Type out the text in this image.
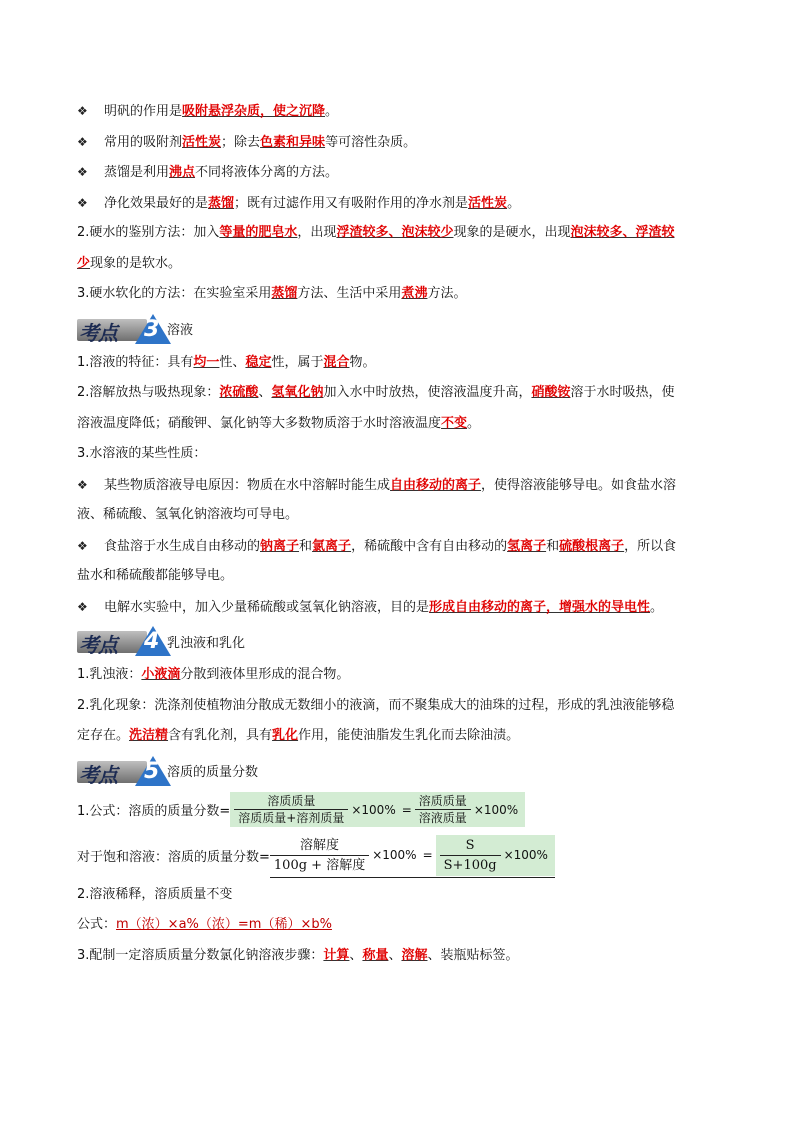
❖ 明矾的作用是吸附悬浮杂质，使之沉降。
❖ 常用的吸附剂活性炭；除去色素和异味等可溶性杂质。
❖ 蒸馏是利用沸点不同将液体分离的方法。
❖ 净化效果最好的是蒸馏；既有过滤作用又有吸附作用的净水剂是活性炭。
2.硬水的鉴别方法：加入等量的肥皂水，出现浮渣较多、泡沫较少现象的是硬水，出现泡沫较多、浮渣较
少现象的是软水。
3.硬水软化的方法：在实验室采用蒸馏方法、生活中采用煮沸方法。
考点 3 溶液
1.溶液的特征：具有均一性、稳定性，属于混合物。
2.溶解放热与吸热现象：浓硫酸、氢氧化钠加入水中时放热，使溶液温度升高，硝酸铵溶于水时吸热，使
溶液温度降低；硝酸钾、氯化钠等大多数物质溶于水时溶液温度不变。
3.水溶液的某些性质：
❖ 某些物质溶液导电原因：物质在水中溶解时能生成自由移动的离子，使得溶液能够导电。如食盐水溶
液、稀硫酸、氢氧化钠溶液均可导电。
❖ 食盐溶于水生成自由移动的钠离子和氯离子，稀硫酸中含有自由移动的氢离子和硫酸根离子，所以食
盐水和稀硫酸都能够导电。
❖ 电解水实验中，加入少量稀硫酸或氢氧化钠溶液，目的是形成自由移动的离子，增强水的导电性。
考点 4 乳浊液和乳化
1.乳浊液：小液滴分散到液体里形成的混合物。
2.乳化现象：洗涤剂使植物油分散成无数细小的液滴，而不聚集成大的油珠的过程，形成的乳浊液能够稳
定存在。洗洁精含有乳化剂，具有乳化作用，能使油脂发生乳化而去除油渍。
考点 5 溶质的质量分数
1.公式：溶质的质量分数= $\frac{\text{溶质质量}}{\text{溶质质量+溶剂质量}} \times 100\% = \frac{\text{溶质质量}}{\text{溶液质量}} \times 100\%$
对于饱和溶液：溶质的质量分数= $\frac{\text{溶解度}}{\text{100g + 溶解度}} \times 100\% = \frac{S}{S+100g} \times 100\%$
2.溶液稀释，溶质质量不变
公式：m（浓）×a%（浓）=m（稀）×b%
3.配制一定溶质质量分数氯化钠溶液步骤：计算、称量、溶解、装瓶贴标签。
